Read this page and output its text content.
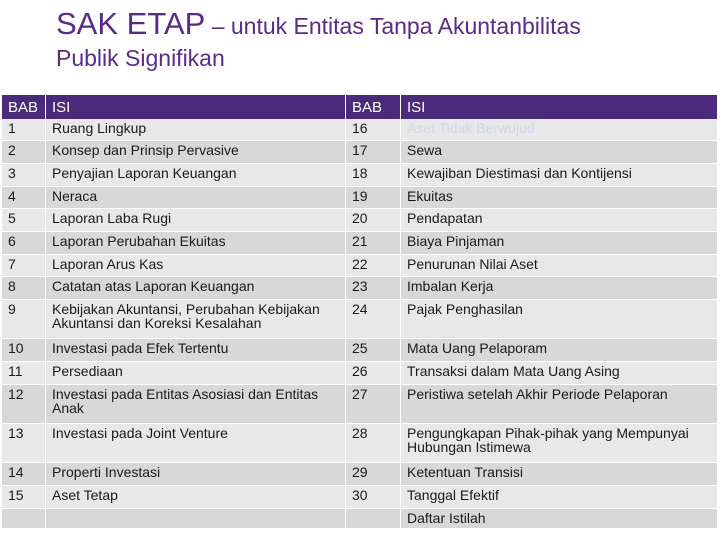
SAK ETAP – untuk Entitas Tanpa Akuntanbilitas
Publik Signifikan
BAB	ISI	BAB	ISI
1	Ruang Lingkup	16	Aset Tidak Berwujud
2	Konsep dan Prinsip Pervasive	17	Sewa
3	Penyajian Laporan Keuangan	18	Kewajiban Diestimasi dan Kontijensi
4	Neraca	19	Ekuitas
5	Laporan Laba Rugi	20	Pendapatan
6	Laporan Perubahan Ekuitas	21	Biaya Pinjaman
7	Laporan Arus Kas	22	Penurunan Nilai Aset
8	Catatan atas Laporan Keuangan	23	Imbalan Kerja
9	Kebijakan Akuntansi, Perubahan Kebijakan Akuntansi dan Koreksi Kesalahan	24	Pajak Penghasilan
10	Investasi pada Efek Tertentu	25	Mata Uang Pelaporam
11	Persediaan	26	Transaksi dalam Mata Uang Asing
12	Investasi pada Entitas Asosiasi dan Entitas Anak	27	Peristiwa setelah Akhir Periode Pelaporan
13	Investasi pada Joint Venture	28	Pengungkapan Pihak-pihak yang Mempunyai Hubungan Istimewa
14	Properti Investasi	29	Ketentuan Transisi
15	Aset Tetap	30	Tanggal Efektif
			Daftar Istilah
